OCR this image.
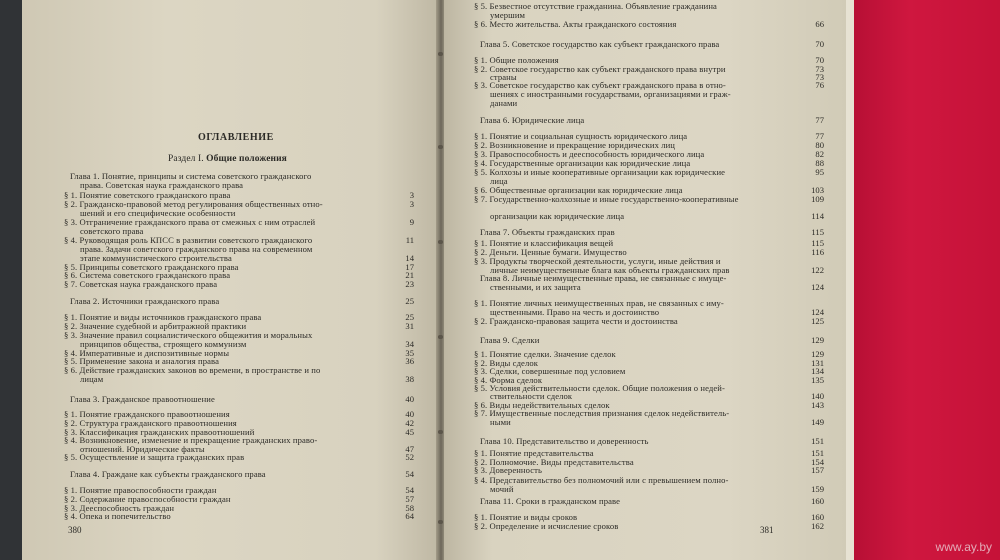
ОГЛАВЛЕНИЕ
Раздел I. Общие положения
Глава 1. Понятие, принципы и система советского гражданского
права. Советская наука гражданского права
§ 1. Понятие советского гражданского права	3
§ 2. Гражданско-правовой метод регулирования общественных отно-	3
шений и его специфические особенности
§ 3. Отграничение гражданского права от смежных с ним отраслей	9
советского права
§ 4. Руководящая роль КПСС в развитии советского гражданского	11
права. Задачи советского гражданского права на современном
этапе коммунистического строительства	14
§ 5. Принципы советского гражданского права	17
§ 6. Система советского гражданского права	21
§ 7. Советская наука гражданского права	23
Глава 2. Источники гражданского права	25
§ 1. Понятие и виды источников гражданского права	25
§ 2. Значение судебной и арбитражной практики	31
§ 3. Значение правил социалистического общежития и моральных
принципов общества, строящего коммунизм	34
§ 4. Императивные и диспозитивные нормы	35
§ 5. Применение закона и аналогия права	36
§ 6. Действие гражданских законов во времени, в пространстве и по
лицам	38
Глава 3. Гражданское правоотношение	40
§ 1. Понятие гражданского правоотношения	40
§ 2. Структура гражданского правоотношения	42
§ 3. Классификация гражданских правоотношений	45
§ 4. Возникновение, изменение и прекращение гражданских право-
отношений. Юридические факты	47
§ 5. Осуществление и защита гражданских прав	52
Глава 4. Граждане как субъекты гражданского права	54
§ 1. Понятие правоспособности граждан	54
§ 2. Содержание правоспособности граждан	57
§ 3. Дееспособность граждан	58
§ 4. Опека и попечительство	64
380
§ 5. Безвестное отсутствие гражданина. Объявление гражданина
умершим
§ 6. Место жительства. Акты гражданского состояния	66
Глава 5. Советское государство как субъект гражданского права	70
§ 1. Общие положения	70
§ 2. Советское государство как субъект гражданского права внутри	73
страны	73
§ 3. Советское государство как субъект гражданского права в отно-	76
шениях с иностранными государствами, организациями и граж-
данами
Глава 6. Юридические лица	77
§ 1. Понятие и социальная сущность юридического лица	77
§ 2. Возникновение и прекращение юридических лиц	80
§ 3. Правоспособность и дееспособность юридического лица	82
§ 4. Государственные организации как юридические лица	88
§ 5. Колхозы и иные кооперативные организации как юридические	95
лица
§ 6. Общественные организации как юридические лица	103
§ 7. Государственно-колхозные и иные государственно-кооперативные	109
организации как юридические лица	114
Глава 7. Объекты гражданских прав	115
§ 1. Понятие и классификация вещей	115
§ 2. Деньги. Ценные бумаги. Имущество	116
§ 3. Продукты творческой деятельности, услуги, иные действия и
личные неимущественные блага как объекты гражданских прав	122
Глава 8. Личные неимущественные права, не связанные с имуще-
ственными, и их защита	124
§ 1. Понятие личных неимущественных прав, не связанных с иму-
щественными. Право на честь и достоинство	124
§ 2. Гражданско-правовая защита чести и достоинства	125
Глава 9. Сделки	129
§ 1. Понятие сделки. Значение сделок	129
§ 2. Виды сделок	131
§ 3. Сделки, совершенные под условием	134
§ 4. Форма сделок	135
§ 5. Условия действительности сделок. Общие положения о недей-
ствительности сделок	140
§ 6. Виды недействительных сделок	143
§ 7. Имущественные последствия признания сделок недействитель-
ными	149
Глава 10. Представительство и доверенность	151
§ 1. Понятие представительства	151
§ 2. Полномочие. Виды представительства	154
§ 3. Доверенность	157
§ 4. Представительство без полномочий или с превышением полно-
мочий	159
Глава 11. Сроки в гражданском праве	160
§ 1. Понятие и виды сроков	160
§ 2. Определение и исчисление сроков	162
381
www.ay.by
